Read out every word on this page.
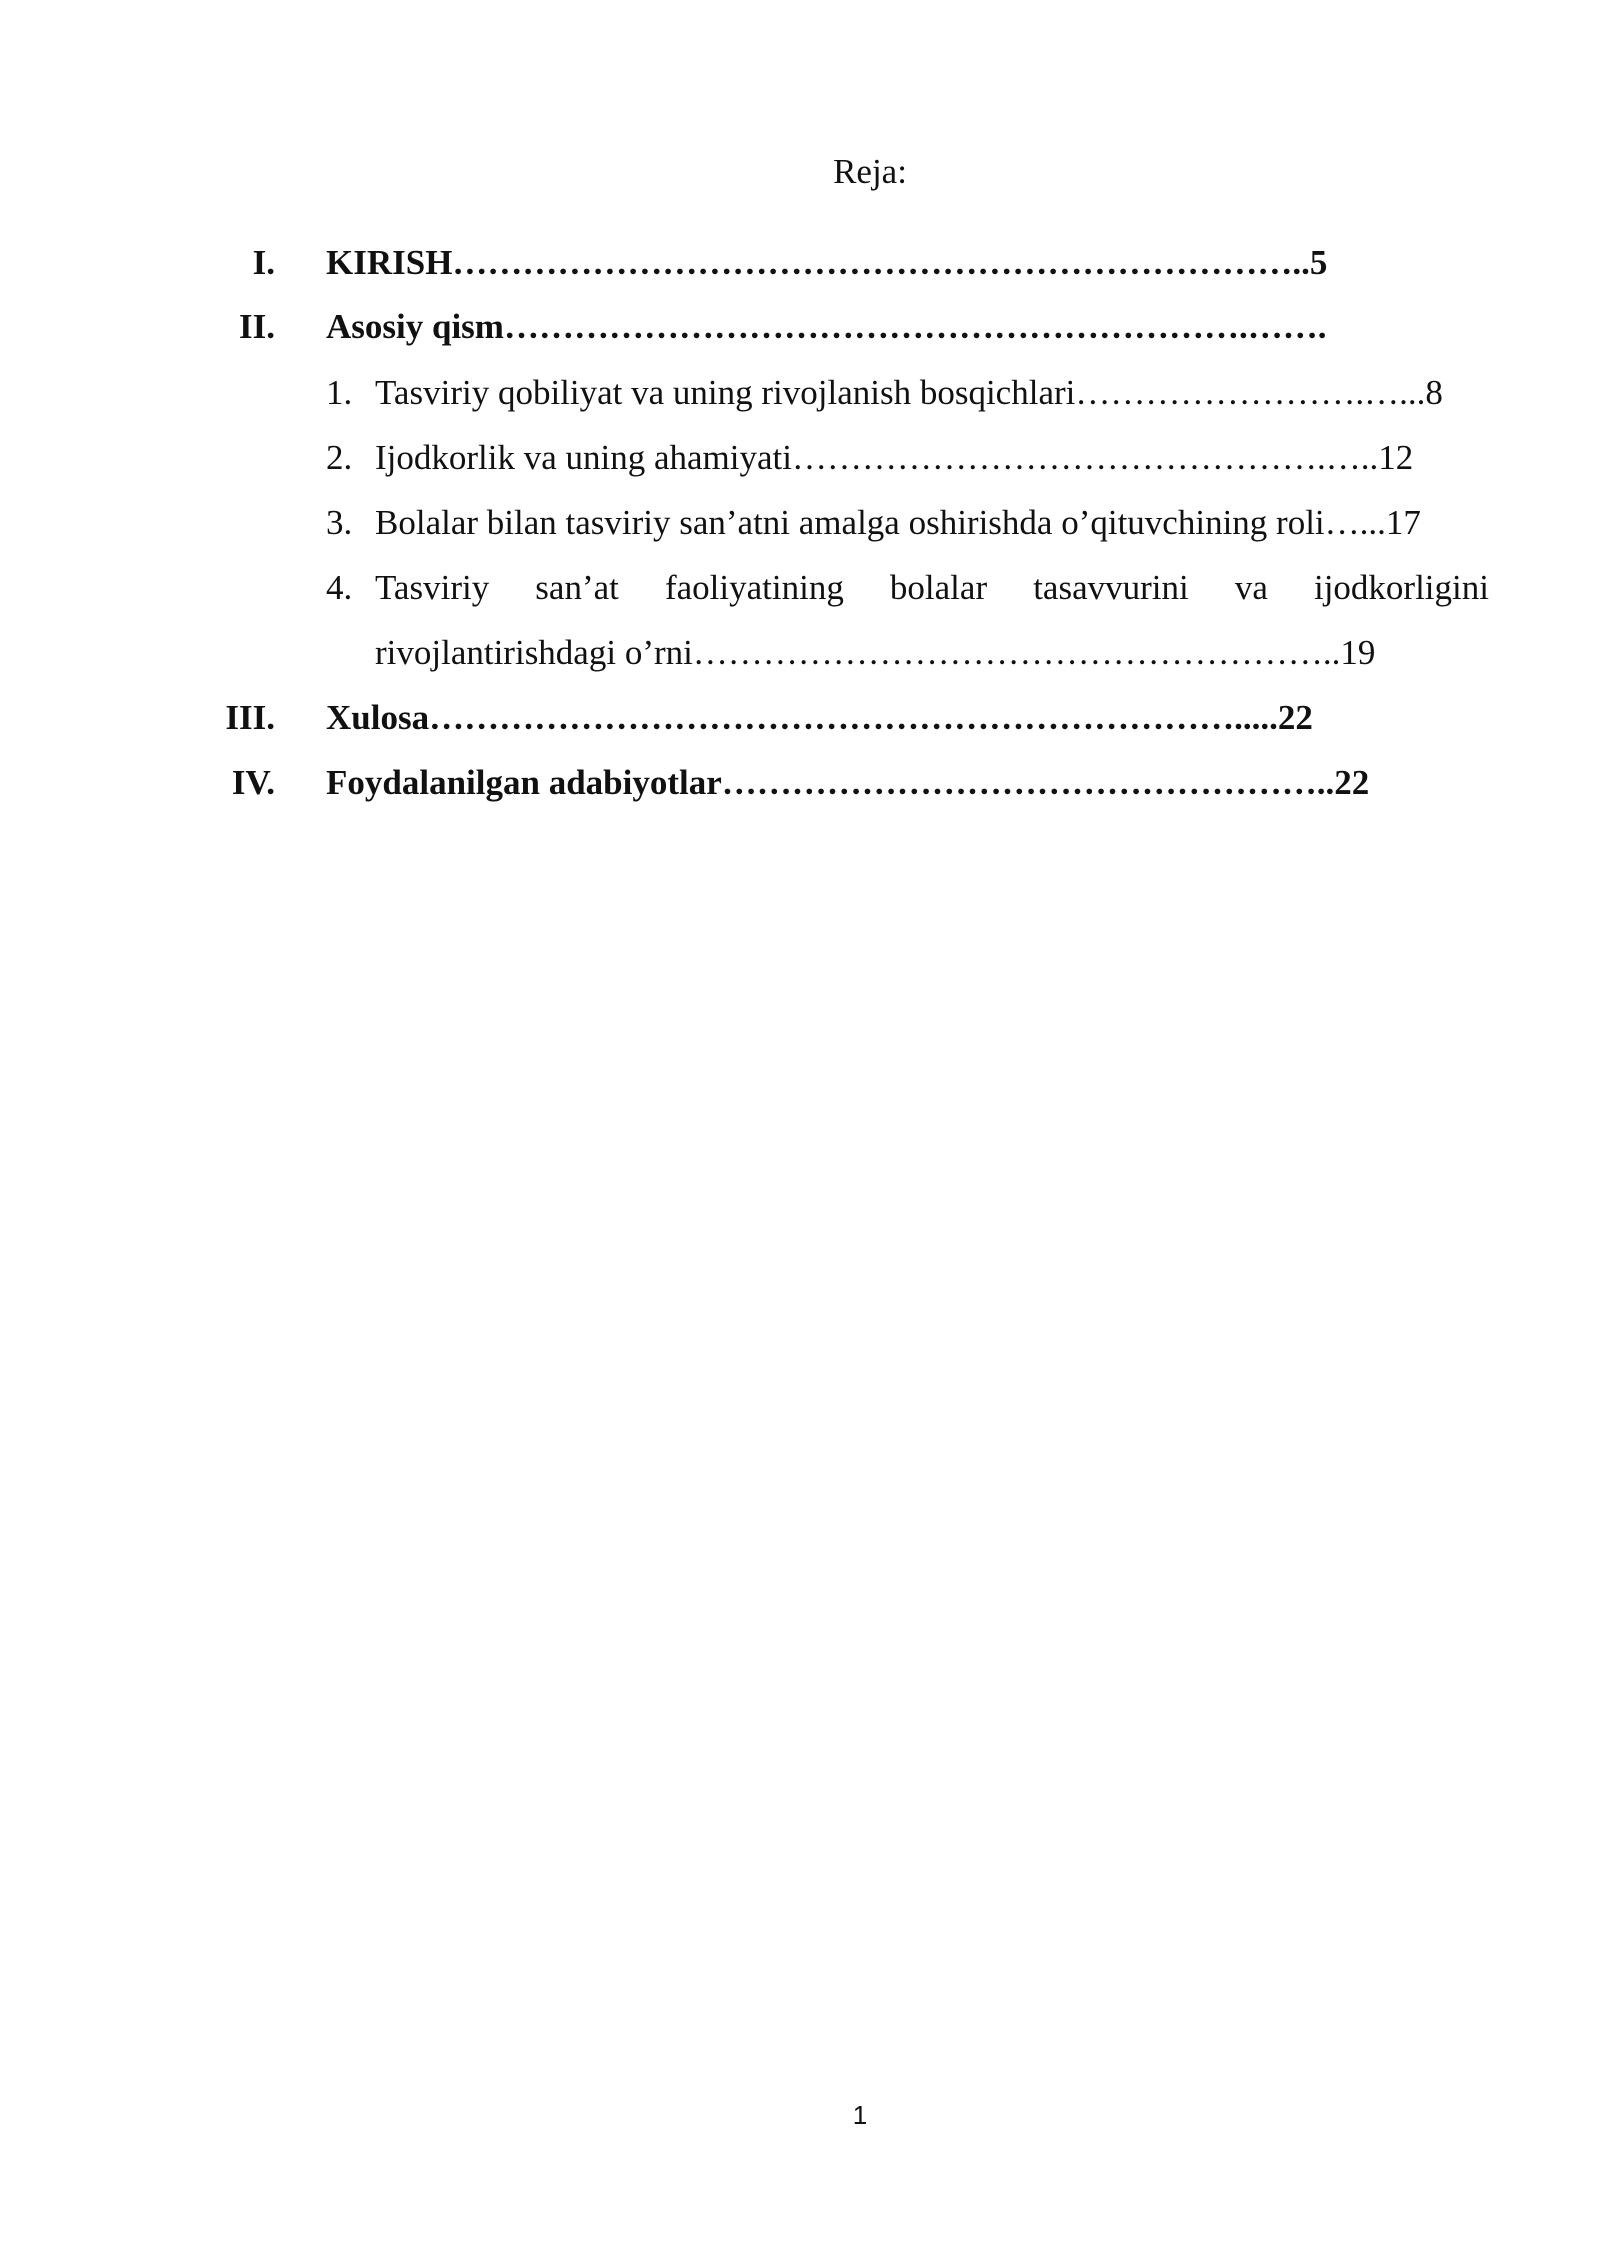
Reja:
I. KIRISH………………………………………………………………..5
II. Asosiy qism……………………………………………………….…….
1. Tasviriy qobiliyat va uning rivojlanish bosqichlari…………………….…...8
2. Ijodkorlik va uning ahamiyati……………………………………….…..12
3. Bolalar bilan tasviriy san’atni amalga oshirishda o’qituvchining roli…...17
4. Tasviriy san’at faoliyatining bolalar tasavvurini va ijodkorligini
rivojlantirishdagi o’rni………………………………………………..19
III. Xulosa…………………………………………………………….....22
IV. Foydalanilgan adabiyotlar……………………………………………..22
1
